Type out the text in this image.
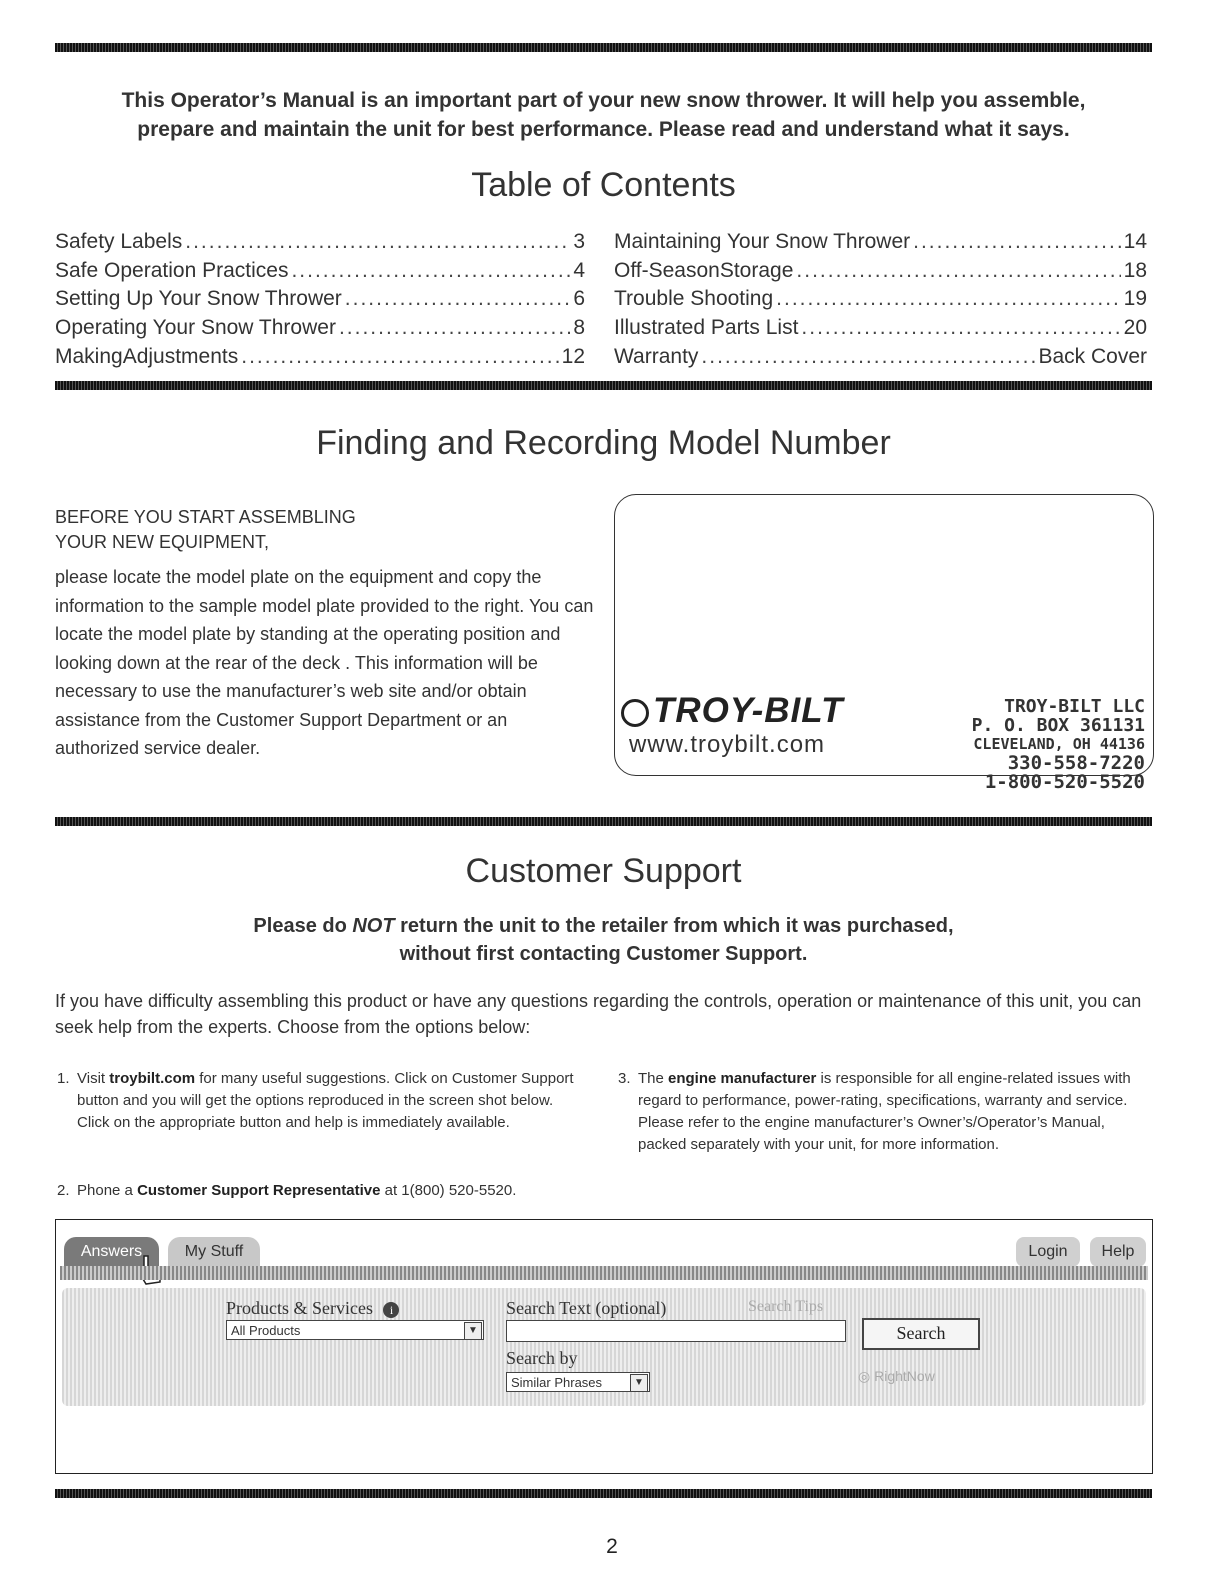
This Operator’s Manual is an important part of your new snow thrower. It will help you assemble,
prepare and maintain the unit for best performance. Please read and understand what it says.
Table of Contents
Safety Labels .....	3
Safe Operation Practices .....	4
Setting Up Your Snow Thrower .....	6
Operating Your Snow Thrower .....	8
MakingAdjustments .....	12
Maintaining Your Snow Thrower .....	14
Off-SeasonStorage .....	18
Trouble Shooting .....	19
Illustrated Parts List .....	20
Warranty .....	Back Cover
Finding and Recording Model Number
BEFORE YOU START ASSEMBLING
YOUR NEW EQUIPMENT,

please locate the model plate on the equipment and copy the information to the sample model plate provided to the right. You can locate the model plate by standing at the operating position and looking down at the rear of the deck . This information will be necessary to use the manufacturer’s web site and/or obtain assistance from the Customer Support Department or an authorized service dealer.

TROY-BILT
www.troybilt.com
TROY-BILT LLC
P. O. BOX 361131
CLEVELAND, OH 44136
330-558-7220
1-800-520-5520
Customer Support
Please do NOT return the unit to the retailer from which it was purchased,
without first contacting Customer Support.
If you have difficulty assembling this product or have any questions regarding the controls, operation or maintenance of this unit, you can seek help from the experts. Choose from the options below:
1. Visit troybilt.com for many useful suggestions. Click on Customer Support button and you will get the options reproduced in the screen shot below. Click on the appropriate button and help is immediately available.
2. Phone a Customer Support Representative at 1(800) 520-5520.
3. The engine manufacturer is responsible for all engine-related issues with regard to performance, power-rating, specifications, warranty and service. Please refer to the engine manufacturer’s Owner’s/Operator’s Manual, packed separately with your unit, for more information.
Answers	My Stuff	Login	Help
Products & Services i
All Products	▼
Search Text (optional)	Search Tips
Search
Search by
Similar Phrases	▼	◎ RightNow
2
